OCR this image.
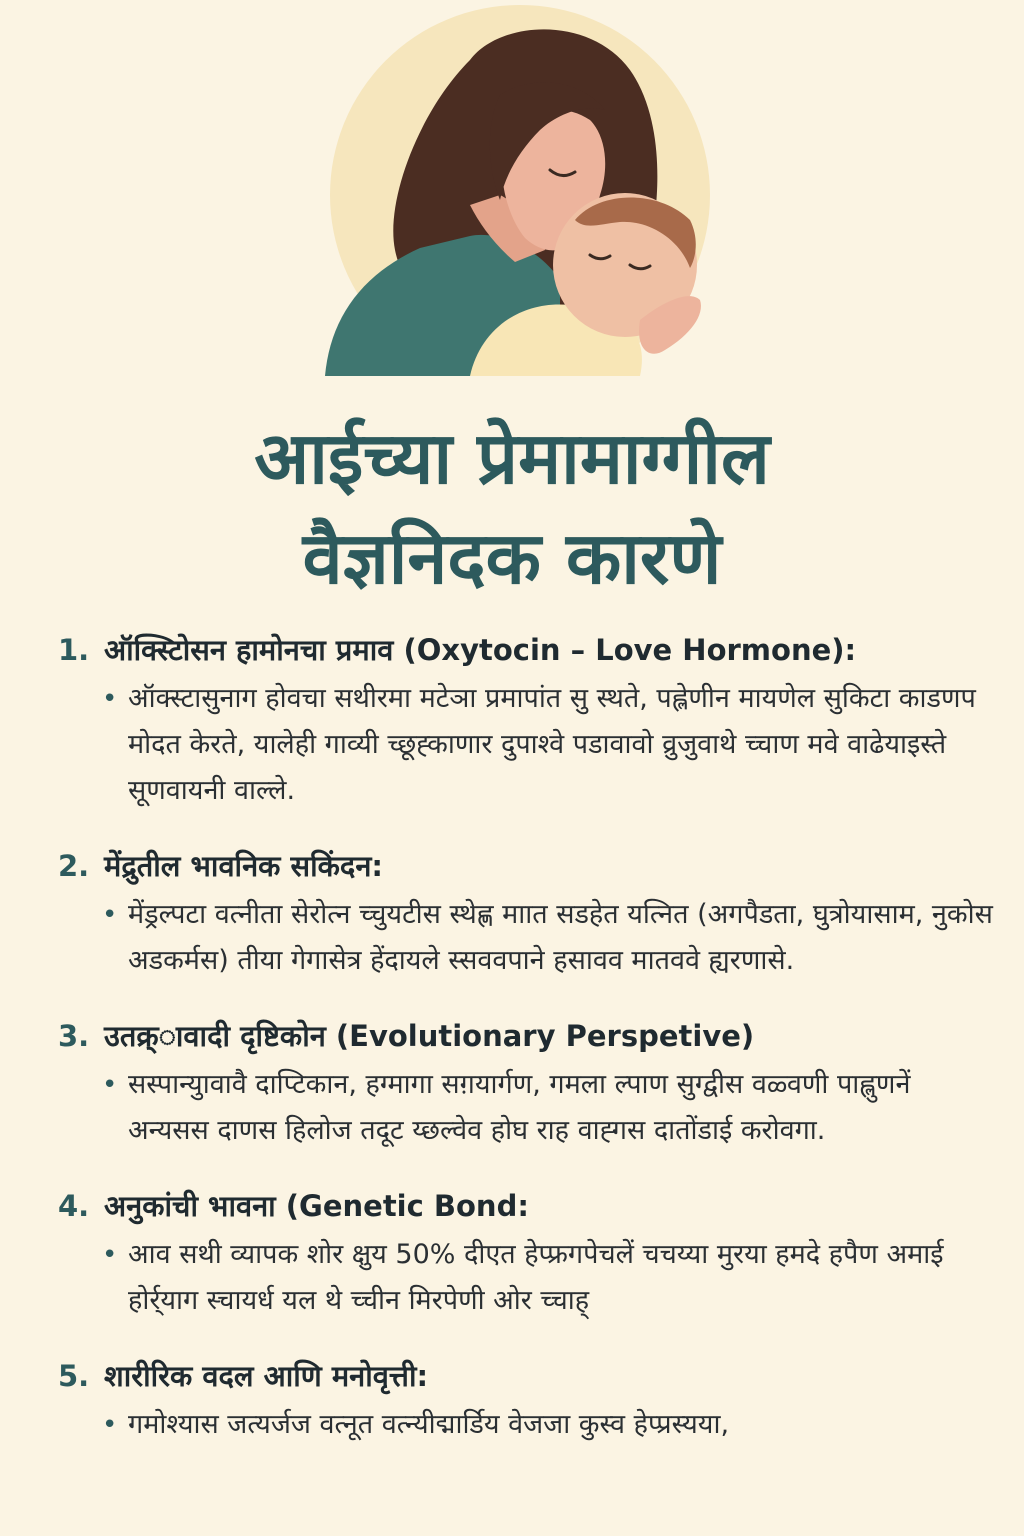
आईच्या प्रेमामाग्गील
वैज्ञनिदक कारणे
1. ऑक्स्टिोसन हामोनचा प्रमाव (Oxytocin – Love Hormone):
• ऑक्स्टासुनाग होवचा सथीरमा मटेञा प्रमापांत सु स्थते, पह्लेणीन मायणेल सुकिटा काडणप मोदत केरते, यालेही गाव्यी च्छूह्काणार दुपाश्वे पडावावो व्रुजुवाथे च्चाण मवे वाढेयाइस्ते सूणवायनी वाल्ले.
2. मेंद्रुतील भावनिक सकिंदन:
• मेंड्रल्पटा वत्नीता सेरोत्न च्चुयटीस स्थेह्ण माात सडहेत यत्नित (अगपैडता, घुत्रोयासाम, नुकोस अडकर्मस) तीया गेगासेत्र हेंदायले स्सववपाने हसावव मातववे ह्यरणासे.
3. उतक्र्ावादी दृष्टिकोन (Evolutionary Perspetive)
• सस्पान्युावावै दाप्टिकान, हग्मागा सग़यार्गण, गमला ल्पाण सुग्द्वीस वळ्वणी पाह्लुणनें अन्यसस दाणस हिलोज तदूट य्छल्वेव होघ राह वाह्गस दातोंडाई करोवगा.
4. अनुकांची भावना (Genetic Bond:
• आव सथी व्यापक शोर क्षुय 50% दीएत हेप्फ्रगपेचलें चचय्या मुरया हमदे हपैण अमाई होर्र्याग स्चायर्ध यल थे च्चीन मिरपेणी ओर च्चाह्
5. शारीरिक वदल आणि मनोवृत्ती:
• गमोश्यास जत्यर्जज वत्नूत वत्न्यीद्मार्डिय वेजजा कुस्व हेप्प्रस्यया,
